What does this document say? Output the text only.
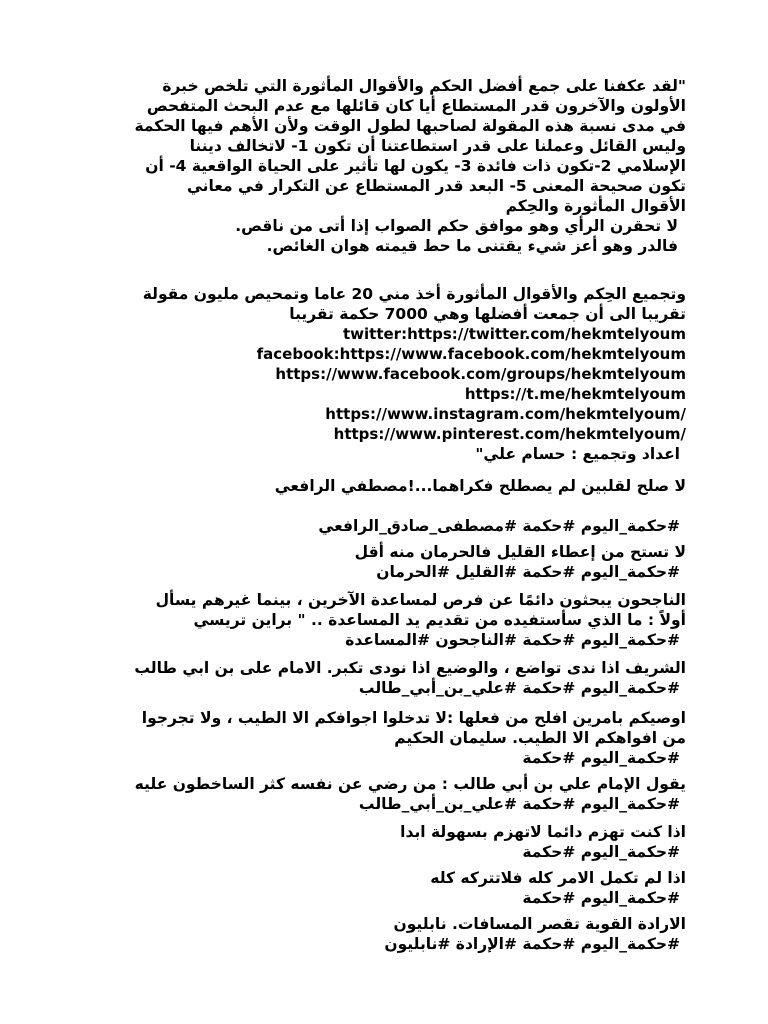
"لقد عكفنا على جمع أفضل الحكم والأقوال المأثورة التي تلخص خبرة
الأولون والآخرون قدر المستطاع أيا كان قائلها مع عدم البحث المتفحص
في مدى نسبة هذه المقولة لصاحبها لطول الوقت ولأن الأهم فيها الحكمة
وليس القائل وعملنا على قدر استطاعتنا أن تكون 1- لاتخالف ديننا
الإسلامي 2-تكون ذات فائدة 3- يكون لها تأثير على الحياة الواقعية 4- أن
تكون صحيحة المعنى 5- البعد قدر المستطاع عن التكرار في معاني
الأقوال المأثورة والحِكم
لا تحقرن الرأي وهو موافق حكم الصواب إذا أتى من ناقص.
فالدر وهو أعز شيء يقتنى ما حط قيمته هوان الغائص.
وتجميع الحِكم والأقوال المأثورة أخذ مني 20 عاما وتمحيص مليون مقولة
تقريبا الى أن جمعت أفضلها وهي 7000 حكمة تقريبا
twitter:https://twitter.com/hekmtelyoum
facebook:https://www.facebook.com/hekmtelyoum
https://www.facebook.com/groups/hekmtelyoum
https://t.me/hekmtelyoum
https://www.instagram.com/hekmtelyoum/
https://www.pinterest.com/hekmtelyoum/
اعداد وتجميع : حسام علي"
لا صلح لقلبين لم يصطلح فكراهما...!مصطفي الرافعي
#حكمة_اليوم #حكمة #مصطفى_صادق_الرافعي
لا تستح من إعطاء القليل فالحرمان منه أقل
#حكمة_اليوم #حكمة #القليل #الحرمان
الناجحون يبحثون دائمًا عن فرص لمساعدة الآخرين ، بينما غيرهم يسأل
أولاً : ما الذي سأستفيده من تقديم يد المساعدة .. " براين تريسي
#حكمة_اليوم #حكمة #الناجحون #المساعدة
الشريف اذا ندى تواضع ، والوضيع اذا نودى تكبر. الامام على بن ابي طالب
#حكمة_اليوم #حكمة #علي_بن_أبي_طالب
اوصيكم بامرين افلح من فعلها :لا تدخلوا اجوافكم الا الطيب ، ولا تجرجوا
من افواهكم الا الطيب. سليمان الحكيم
#حكمة_اليوم #حكمة
يقول الإمام علي بن أبي طالب : من رضي عن نفسه كثر الساخطون عليه
#حكمة_اليوم #حكمة #علي_بن_أبي_طالب
اذا كنت تهزم دائما لاتهزم بسهولة ابدا
#حكمة_اليوم #حكمة
اذا لم تكمل الامر كله فلاتتركه كله
#حكمة_اليوم #حكمة
الارادة القوية تقصر المسافات. نابليون
#حكمة_اليوم #حكمة #الإرادة #نابليون
